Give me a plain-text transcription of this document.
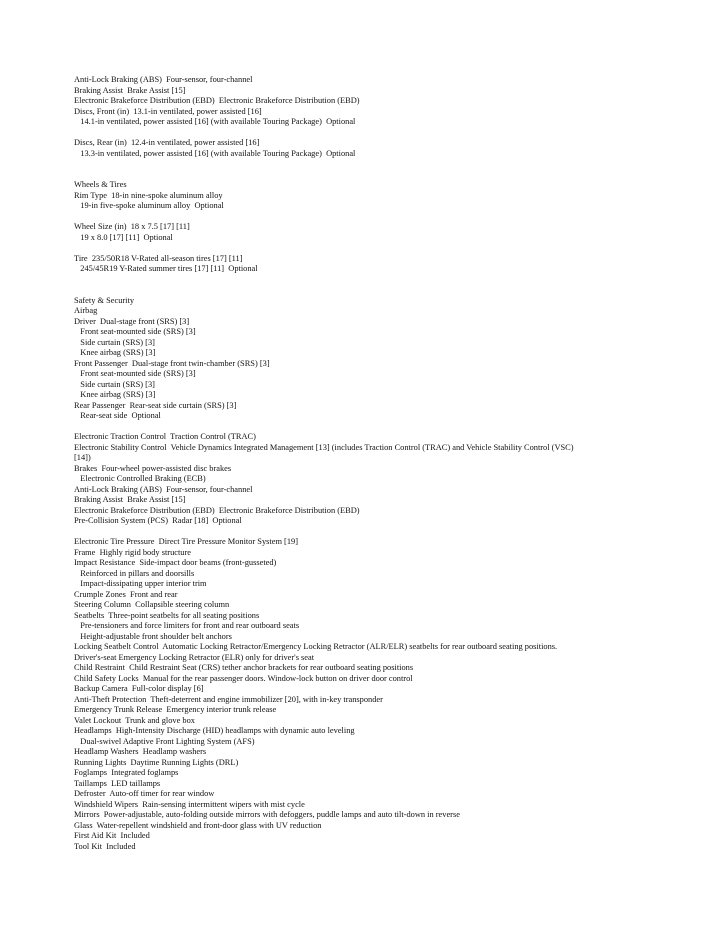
Anti-Lock Braking (ABS)  Four-sensor, four-channel
Braking Assist  Brake Assist [15]
Electronic Brakeforce Distribution (EBD)  Electronic Brakeforce Distribution (EBD)
Discs, Front (in)  13.1-in ventilated, power assisted [16]
14.1-in ventilated, power assisted [16] (with available Touring Package)  Optional
Discs, Rear (in)  12.4-in ventilated, power assisted [16]
13.3-in ventilated, power assisted [16] (with available Touring Package)  Optional
Wheels & Tires
Rim Type  18-in nine-spoke aluminum alloy
19-in five-spoke aluminum alloy  Optional
Wheel Size (in)  18 x 7.5 [17] [11]
19 x 8.0 [17] [11]  Optional
Tire  235/50R18 V-Rated all-season tires [17] [11]
245/45R19 Y-Rated summer tires [17] [11]  Optional
Safety & Security
Airbag
Driver  Dual-stage front (SRS) [3]
Front seat-mounted side (SRS) [3]
Side curtain (SRS) [3]
Knee airbag (SRS) [3]
Front Passenger  Dual-stage front twin-chamber (SRS) [3]
Front seat-mounted side (SRS) [3]
Side curtain (SRS) [3]
Knee airbag (SRS) [3]
Rear Passenger  Rear-seat side curtain (SRS) [3]
Rear-seat side  Optional
Electronic Traction Control  Traction Control (TRAC)
Electronic Stability Control  Vehicle Dynamics Integrated Management [13] (includes Traction Control (TRAC) and Vehicle Stability Control (VSC)
[14])
Brakes  Four-wheel power-assisted disc brakes
Electronic Controlled Braking (ECB)
Anti-Lock Braking (ABS)  Four-sensor, four-channel
Braking Assist  Brake Assist [15]
Electronic Brakeforce Distribution (EBD)  Electronic Brakeforce Distribution (EBD)
Pre-Collision System (PCS)  Radar [18]  Optional
Electronic Tire Pressure  Direct Tire Pressure Monitor System [19]
Frame  Highly rigid body structure
Impact Resistance  Side-impact door beams (front-gusseted)
Reinforced in pillars and doorsills
Impact-dissipating upper interior trim
Crumple Zones  Front and rear
Steering Column  Collapsible steering column
Seatbelts  Three-point seatbelts for all seating positions
Pre-tensioners and force limiters for front and rear outboard seats
Height-adjustable front shoulder belt anchors
Locking Seatbelt Control  Automatic Locking Retractor/Emergency Locking Retractor (ALR/ELR) seatbelts for rear outboard seating positions.
Driver's-seat Emergency Locking Retractor (ELR) only for driver's seat
Child Restraint  Child Restraint Seat (CRS) tether anchor brackets for rear outboard seating positions
Child Safety Locks  Manual for the rear passenger doors. Window-lock button on driver door control
Backup Camera  Full-color display [6]
Anti-Theft Protection  Theft-deterrent and engine immobilizer [20], with in-key transponder
Emergency Trunk Release  Emergency interior trunk release
Valet Lockout  Trunk and glove box
Headlamps  High-Intensity Discharge (HID) headlamps with dynamic auto leveling
Dual-swivel Adaptive Front Lighting System (AFS)
Headlamp Washers  Headlamp washers
Running Lights  Daytime Running Lights (DRL)
Foglamps  Integrated foglamps
Taillamps  LED taillamps
Defroster  Auto-off timer for rear window
Windshield Wipers  Rain-sensing intermittent wipers with mist cycle
Mirrors  Power-adjustable, auto-folding outside mirrors with defoggers, puddle lamps and auto tilt-down in reverse
Glass  Water-repellent windshield and front-door glass with UV reduction
First Aid Kit  Included
Tool Kit  Included
